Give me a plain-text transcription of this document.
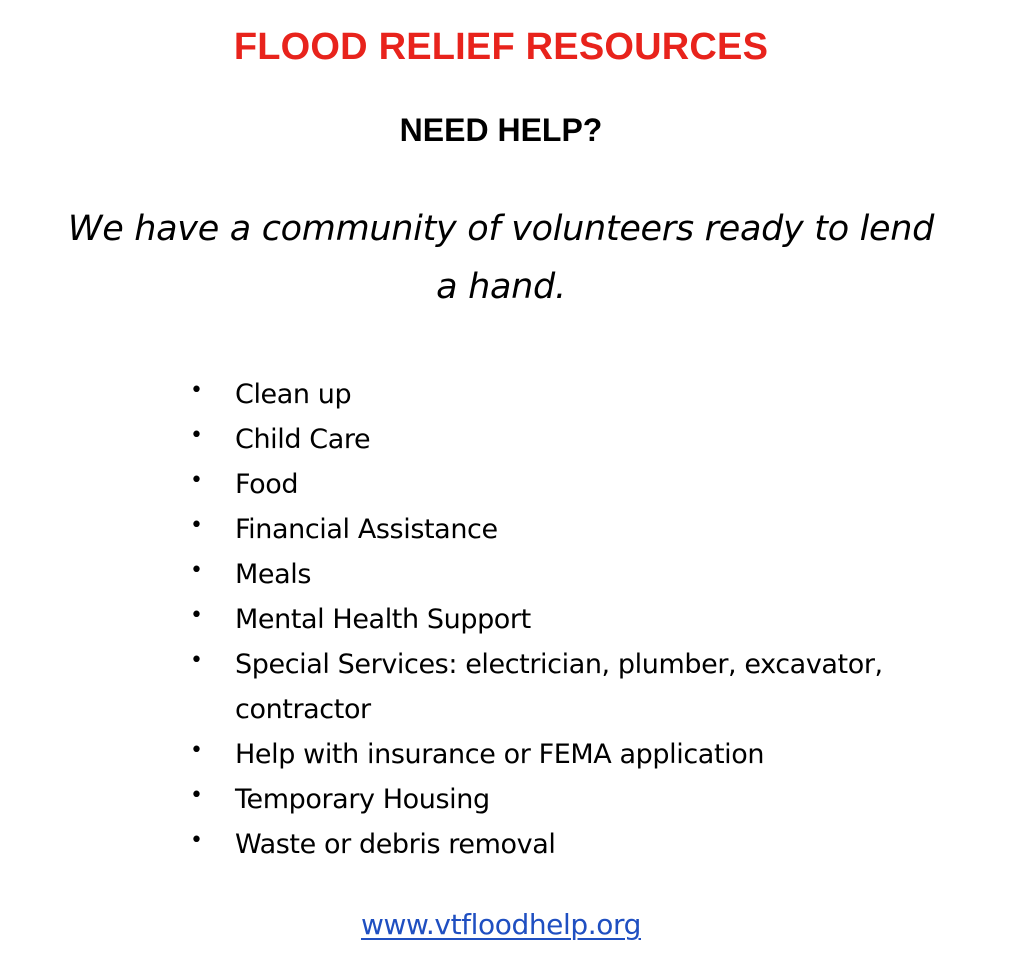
FLOOD RELIEF RESOURCES
NEED HELP?
We have a community of volunteers ready to lend a hand.
• Clean up
• Child Care
• Food
• Financial Assistance
• Meals
• Mental Health Support
• Special Services: electrician, plumber, excavator, contractor
• Help with insurance or FEMA application
• Temporary Housing
• Waste or debris removal
www.vtfloodhelp.org
